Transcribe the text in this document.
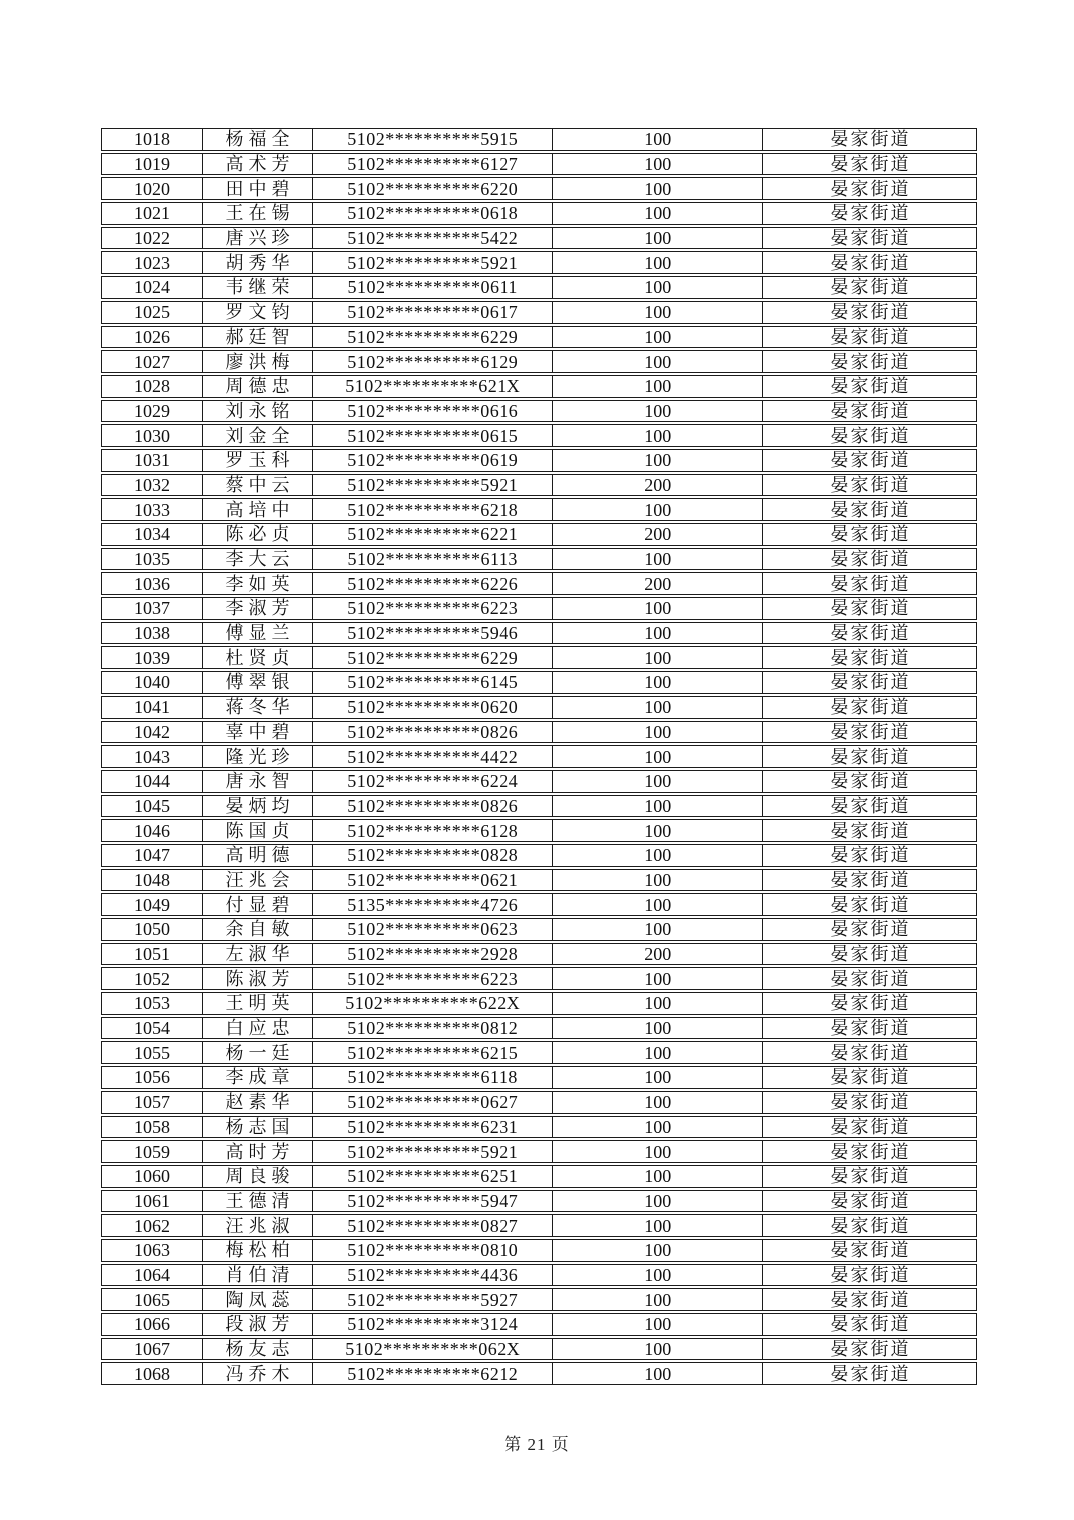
1018	杨福全	5102**********5915	100	晏家街道
1019	高术芳	5102**********6127	100	晏家街道
1020	田中碧	5102**********6220	100	晏家街道
1021	王在锡	5102**********0618	100	晏家街道
1022	唐兴珍	5102**********5422	100	晏家街道
1023	胡秀华	5102**********5921	100	晏家街道
1024	韦继荣	5102**********0611	100	晏家街道
1025	罗文钧	5102**********0617	100	晏家街道
1026	郝廷智	5102**********6229	100	晏家街道
1027	廖洪梅	5102**********6129	100	晏家街道
1028	周德忠	5102**********621X	100	晏家街道
1029	刘永铭	5102**********0616	100	晏家街道
1030	刘金全	5102**********0615	100	晏家街道
1031	罗玉科	5102**********0619	100	晏家街道
1032	蔡中云	5102**********5921	200	晏家街道
1033	高培中	5102**********6218	100	晏家街道
1034	陈必贞	5102**********6221	200	晏家街道
1035	李大云	5102**********6113	100	晏家街道
1036	李如英	5102**********6226	200	晏家街道
1037	李淑芳	5102**********6223	100	晏家街道
1038	傅显兰	5102**********5946	100	晏家街道
1039	杜贤贞	5102**********6229	100	晏家街道
1040	傅翠银	5102**********6145	100	晏家街道
1041	蒋冬华	5102**********0620	100	晏家街道
1042	辜中碧	5102**********0826	100	晏家街道
1043	隆光珍	5102**********4422	100	晏家街道
1044	唐永智	5102**********6224	100	晏家街道
1045	晏炳均	5102**********0826	100	晏家街道
1046	陈国贞	5102**********6128	100	晏家街道
1047	高明德	5102**********0828	100	晏家街道
1048	汪兆会	5102**********0621	100	晏家街道
1049	付显碧	5135**********4726	100	晏家街道
1050	余自敏	5102**********0623	100	晏家街道
1051	左淑华	5102**********2928	200	晏家街道
1052	陈淑芳	5102**********6223	100	晏家街道
1053	王明英	5102**********622X	100	晏家街道
1054	白应忠	5102**********0812	100	晏家街道
1055	杨一廷	5102**********6215	100	晏家街道
1056	李成章	5102**********6118	100	晏家街道
1057	赵素华	5102**********0627	100	晏家街道
1058	杨志国	5102**********6231	100	晏家街道
1059	高时芳	5102**********5921	100	晏家街道
1060	周良骏	5102**********6251	100	晏家街道
1061	王德清	5102**********5947	100	晏家街道
1062	汪兆淑	5102**********0827	100	晏家街道
1063	梅松柏	5102**********0810	100	晏家街道
1064	肖伯清	5102**********4436	100	晏家街道
1065	陶凤蕊	5102**********5927	100	晏家街道
1066	段淑芳	5102**********3124	100	晏家街道
1067	杨友志	5102**********062X	100	晏家街道
1068	冯乔木	5102**********6212	100	晏家街道
第 21 页
